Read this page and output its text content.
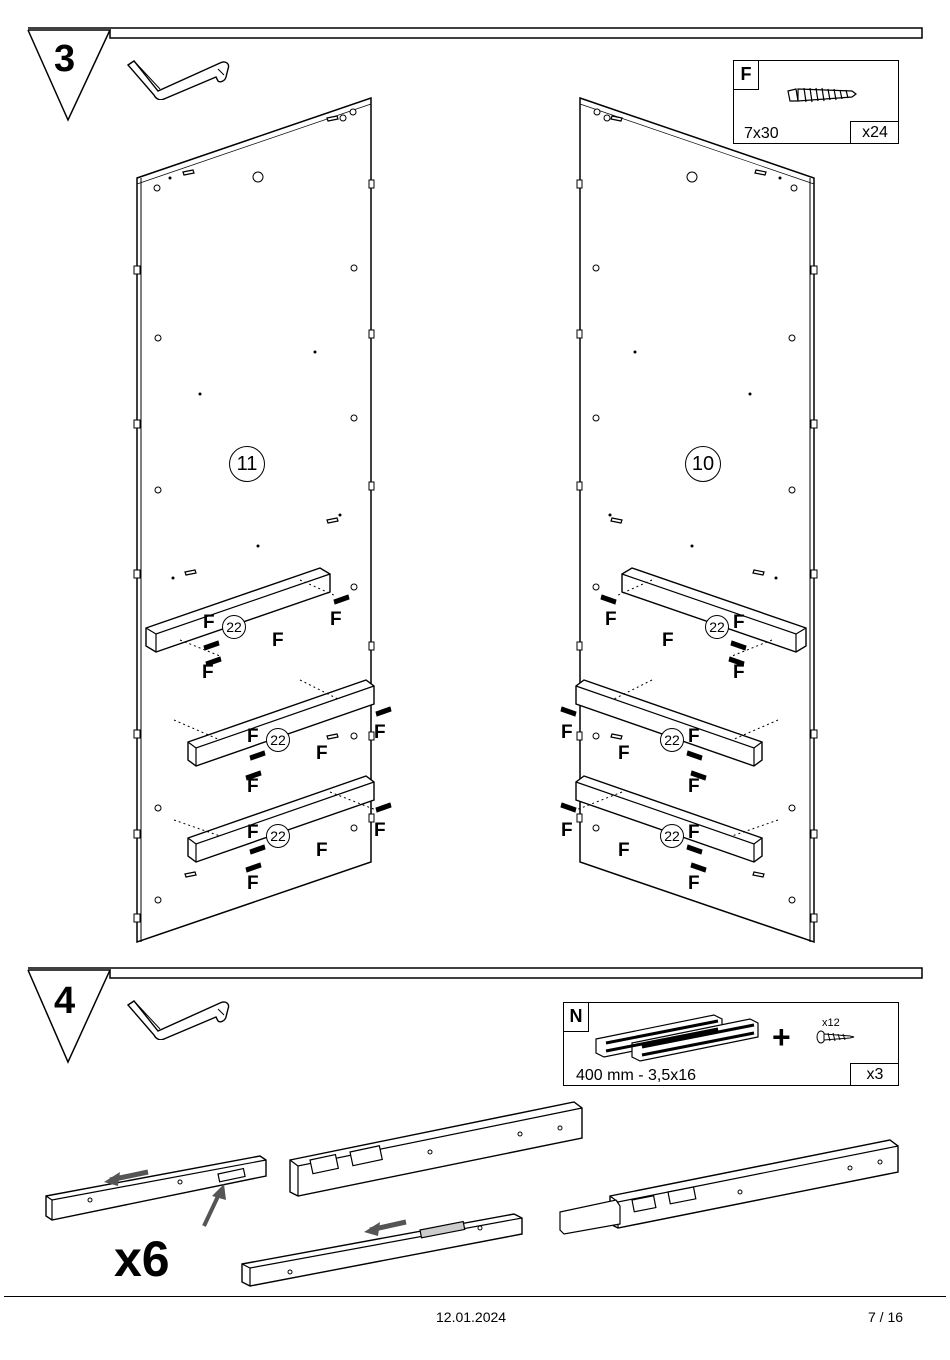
3	F
7x30	x24
11	10
22
22
22
22
22
22
F
F
F
F
F
F
F
F
F
F
F
F
F
F
F
F
F
F
F
F
F
F
F
F
4	N
+	x12
400 mm - 3,5x16	x3
x6
12.01.2024	7 / 16
